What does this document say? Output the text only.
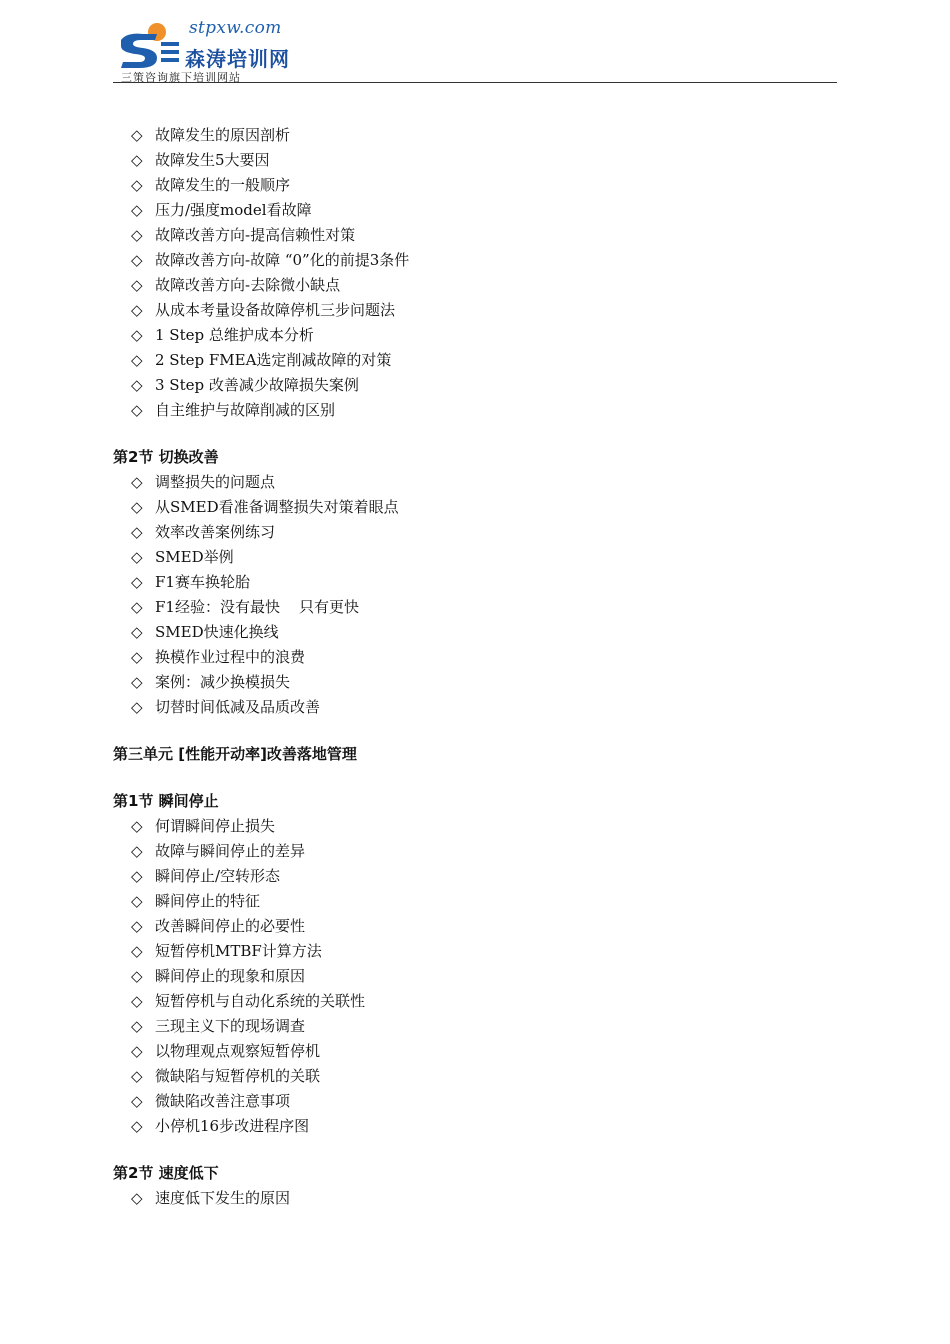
stpxw.com
森涛培训网
三策咨询旗下培训网站
◇ 故障发生的原因剖析
◇ 故障发生5大要因
◇ 故障发生的一般顺序
◇ 压力/强度model看故障
◇ 故障改善方向-提高信赖性对策
◇ 故障改善方向-故障 “0”化的前提3条件
◇ 故障改善方向-去除微小缺点
◇ 从成本考量设备故障停机三步问题法
◇ 1 Step 总维护成本分析
◇ 2 Step FMEA选定削减故障的对策
◇ 3 Step 改善减少故障损失案例
◇ 自主维护与故障削减的区别
第2节 切换改善
◇ 调整损失的问题点
◇ 从SMED看准备调整损失对策着眼点
◇ 效率改善案例练习
◇ SMED举例
◇ F1赛车换轮胎
◇ F1经验：没有最快    只有更快
◇ SMED快速化换线
◇ 换模作业过程中的浪费
◇ 案例：减少换模损失
◇ 切替时间低减及品质改善
第三单元 [性能开动率]改善落地管理
第1节 瞬间停止
◇ 何谓瞬间停止损失
◇ 故障与瞬间停止的差异
◇ 瞬间停止/空转形态
◇ 瞬间停止的特征
◇ 改善瞬间停止的必要性
◇ 短暂停机MTBF计算方法
◇ 瞬间停止的现象和原因
◇ 短暂停机与自动化系统的关联性
◇ 三现主义下的现场调查
◇ 以物理观点观察短暂停机
◇ 微缺陷与短暂停机的关联
◇ 微缺陷改善注意事项
◇ 小停机16步改进程序图
第2节 速度低下
◇ 速度低下发生的原因
